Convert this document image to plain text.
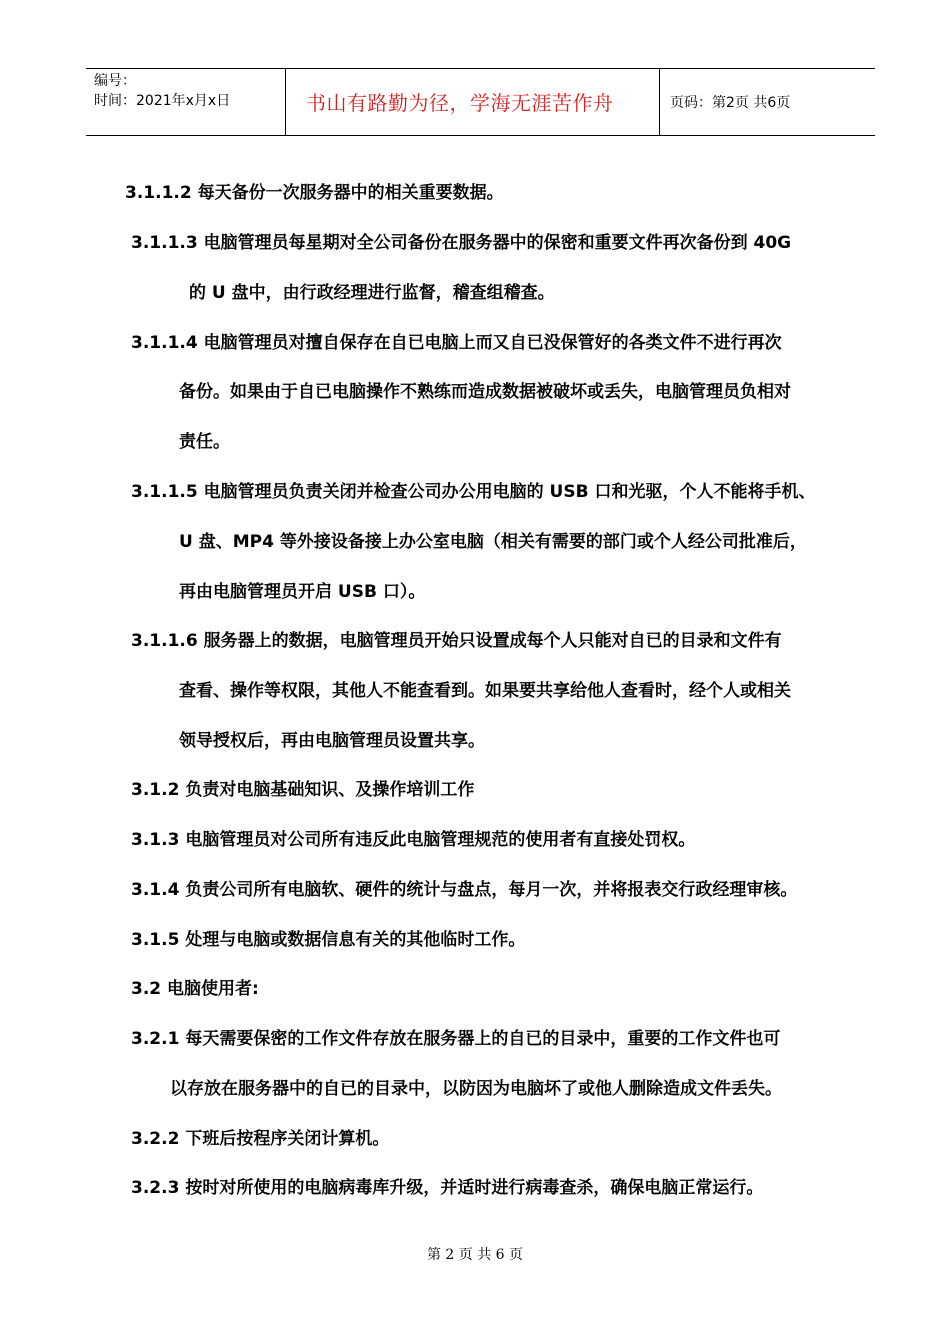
编号：
时间：2021年x月x日	书山有路勤为径，学海无涯苦作舟	页码：第2页 共6页
3.1.1.2 每天备份一次服务器中的相关重要数据。
3.1.1.3 电脑管理员每星期对全公司备份在服务器中的保密和重要文件再次备份到 40G
的 U 盘中，由行政经理进行监督，稽查组稽查。
3.1.1.4 电脑管理员对擅自保存在自已电脑上而又自已没保管好的各类文件不进行再次
备份。如果由于自已电脑操作不熟练而造成数据被破坏或丢失，电脑管理员负相对
责任。
3.1.1.5 电脑管理员负责关闭并检查公司办公用电脑的 USB 口和光驱，个人不能将手机、
U 盘、MP4 等外接设备接上办公室电脑（相关有需要的部门或个人经公司批准后，
再由电脑管理员开启 USB 口）。
3.1.1.6 服务器上的数据，电脑管理员开始只设置成每个人只能对自已的目录和文件有
查看、操作等权限，其他人不能查看到。如果要共享给他人查看时，经个人或相关
领导授权后，再由电脑管理员设置共享。
3.1.2 负责对电脑基础知识、及操作培训工作
3.1.3 电脑管理员对公司所有违反此电脑管理规范的使用者有直接处罚权。
3.1.4 负责公司所有电脑软、硬件的统计与盘点，每月一次，并将报表交行政经理审核。
3.1.5 处理与电脑或数据信息有关的其他临时工作。
3.2 电脑使用者:
3.2.1 每天需要保密的工作文件存放在服务器上的自已的目录中，重要的工作文件也可
以存放在服务器中的自已的目录中，以防因为电脑坏了或他人删除造成文件丢失。
3.2.2 下班后按程序关闭计算机。
3.2.3 按时对所使用的电脑病毒库升级，并适时进行病毒查杀，确保电脑正常运行。
第 2 页 共 6 页
